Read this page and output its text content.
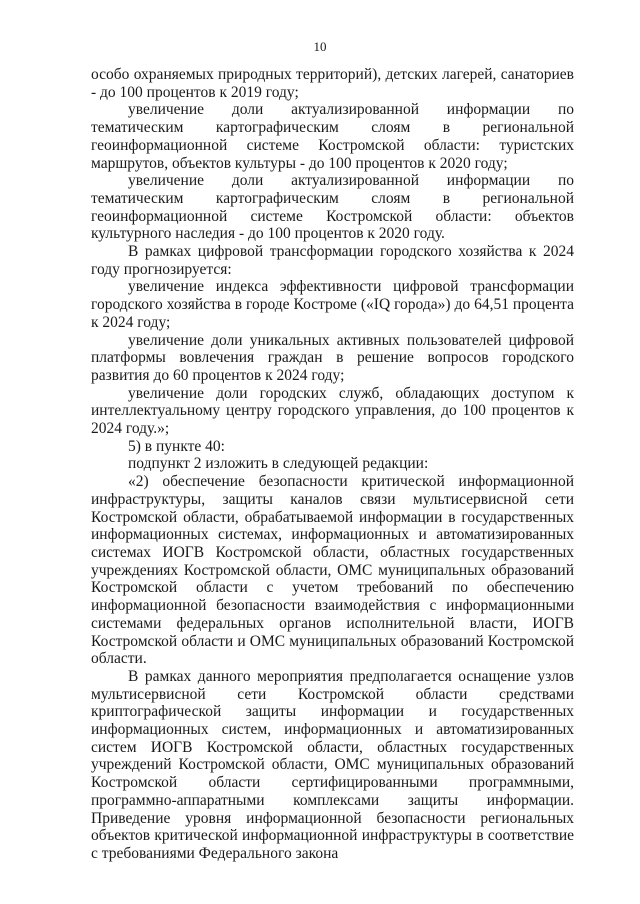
10

особо охраняемых природных территорий), детских лагерей, санаториев - до 100 процентов к 2019 году;

увеличение доли актуализированной информации по тематическим картографическим слоям в региональной геоинформационной системе Костромской области: туристских маршрутов, объектов культуры - до 100 процентов к 2020 году;

увеличение доли актуализированной информации по тематическим картографическим слоям в региональной геоинформационной системе Костромской области: объектов культурного наследия - до 100 процентов к 2020 году.

В рамках цифровой трансформации городского хозяйства к 2024 году прогнозируется:

увеличение индекса эффективности цифровой трансформации городского хозяйства в городе Костроме («IQ города») до 64,51 процента к 2024 году;

увеличение доли уникальных активных пользователей цифровой платформы вовлечения граждан в решение вопросов городского развития до 60 процентов к 2024 году;

увеличение доли городских служб, обладающих доступом к интеллектуальному центру городского управления, до 100 процентов к 2024 году.»;

5) в пункте 40:

подпункт 2 изложить в следующей редакции:

«2) обеспечение безопасности критической информационной инфраструктуры, защиты каналов связи мультисервисной сети Костромской области, обрабатываемой информации в государственных информационных системах, информационных и автоматизированных системах ИОГВ Костромской области, областных государственных учреждениях Костромской области, ОМС муниципальных образований Костромской области с учетом требований по обеспечению информационной безопасности взаимодействия с информационными системами федеральных органов исполнительной власти, ИОГВ Костромской области и ОМС муниципальных образований Костромской области.

В рамках данного мероприятия предполагается оснащение узлов мультисервисной сети Костромской области средствами криптографической защиты информации и государственных информационных систем, информационных и автоматизированных систем ИОГВ Костромской области, областных государственных учреждений Костромской области, ОМС муниципальных образований Костромской области сертифицированными программными, программно-аппаратными комплексами защиты информации. Приведение уровня информационной безопасности региональных объектов критической информационной инфраструктуры в соответствие с требованиями Федерального закона
